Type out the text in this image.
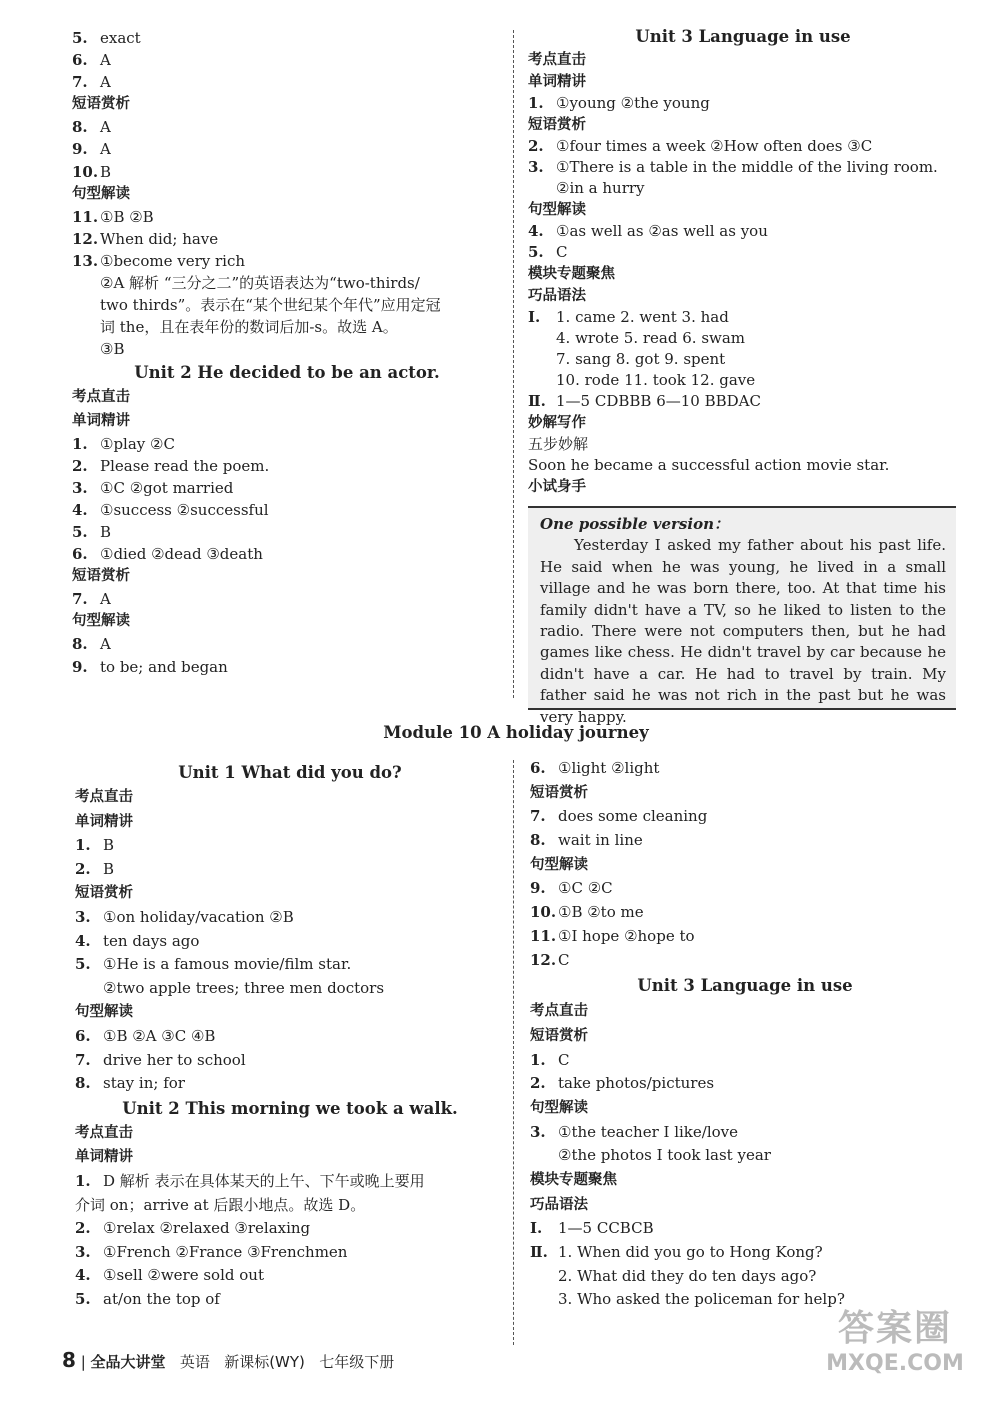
5. exact
6. A
7. A
短语赏析
8. A
9. A
10. B
句型解读
11. ①B ②B
12. When did; have
13. ①become very rich
②A 解析 “三分之二”的英语表达为“two-thirds/
two thirds”。表示在“某个世纪某个年代”应用定冠
词 the，且在表年份的数词后加-s。故选 A。
③B
Unit 2 He decided to be an actor.
考点直击
单词精讲
1. ①play ②C
2. Please read the poem.
3. ①C ②got married
4. ①success ②successful
5. B
6. ①died ②dead ③death
短语赏析
7. A
句型解读
8. A
9. to be; and began
Unit 3 Language in use
考点直击
单词精讲
1. ①young ②the young
短语赏析
2. ①four times a week ②How often does ③C
3. ①There is a table in the middle of the living room.
②in a hurry
句型解读
4. ①as well as ②as well as you
5. C
模块专题聚焦
巧品语法
Ⅰ. 1. came 2. went 3. had
4. wrote 5. read 6. swam
7. sang 8. got 9. spent
10. rode 11. took 12. gave
Ⅱ. 1—5 CDBBB 6—10 BBDAC
妙解写作
五步妙解
Soon he became a successful action movie star.
小试身手
One possible version：
Yesterday I asked my father about his past life. He said when he was young, he lived in a small village and he was born there, too. At that time his family didn't have a TV, so he liked to listen to the radio. There were not computers then, but he had games like chess. He didn't travel by car because he didn't have a car. He had to travel by train. My father said he was not rich in the past but he was very happy.
Module 10 A holiday journey
Unit 1 What did you do?
考点直击
单词精讲
1. B
2. B
短语赏析
3. ①on holiday/vacation ②B
4. ten days ago
5. ①He is a famous movie/film star.
②two apple trees; three men doctors
句型解读
6. ①B ②A ③C ④B
7. drive her to school
8. stay in; for
Unit 2 This morning we took a walk.
考点直击
单词精讲
1. D 解析 表示在具体某天的上午、下午或晚上要用
介词 on；arrive at 后跟小地点。故选 D。
2. ①relax ②relaxed ③relaxing
3. ①French ②France ③Frenchmen
4. ①sell ②were sold out
5. at/on the top of
6. ①light ②light
短语赏析
7. does some cleaning
8. wait in line
句型解读
9. ①C ②C
10. ①B ②to me
11. ①I hope ②hope to
12. C
Unit 3 Language in use
考点直击
短语赏析
1. C
2. take photos/pictures
句型解读
3. ①the teacher I like/love
②the photos I took last year
模块专题聚焦
巧品语法
Ⅰ. 1—5 CCBCB
Ⅱ. 1. When did you go to Hong Kong?
2. What did they do ten days ago?
3. Who asked the policeman for help?
8 | 全品大讲堂 英语 新课标(WY) 七年级下册
答案圈
MXQE.COM
